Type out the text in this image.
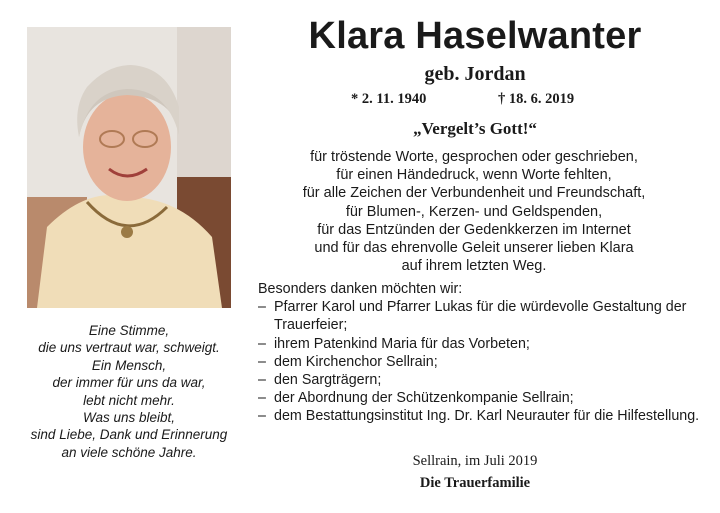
Eine Stimme,
die uns vertraut war, schweigt.
Ein Mensch,
der immer für uns da war,
lebt nicht mehr.
Was uns bleibt,
sind Liebe, Dank und Erinnerung
an viele schöne Jahre.
Klara Haselwanter
geb. Jordan
* 2. 11. 1940	† 18. 6. 2019
„Vergelt’s Gott!“
für tröstende Worte, gesprochen oder geschrieben,
für einen Händedruck, wenn Worte fehlten,
für alle Zeichen der Verbundenheit und Freundschaft,
für Blumen-, Kerzen- und Geldspenden,
für das Entzünden der Gedenkkerzen im Internet
und für das ehrenvolle Geleit unserer lieben Klara
auf ihrem letzten Weg.
Besonders danken möchten wir:
– Pfarrer Karol und Pfarrer Lukas für die würdevolle Gestaltung der Trauerfeier;
– ihrem Patenkind Maria für das Vorbeten;
– dem Kirchenchor Sellrain;
– den Sargträgern;
– der Abordnung der Schützenkompanie Sellrain;
– dem Bestattungsinstitut Ing. Dr. Karl Neurauter für die Hilfestellung.
Sellrain, im Juli 2019
Die Trauerfamilie
